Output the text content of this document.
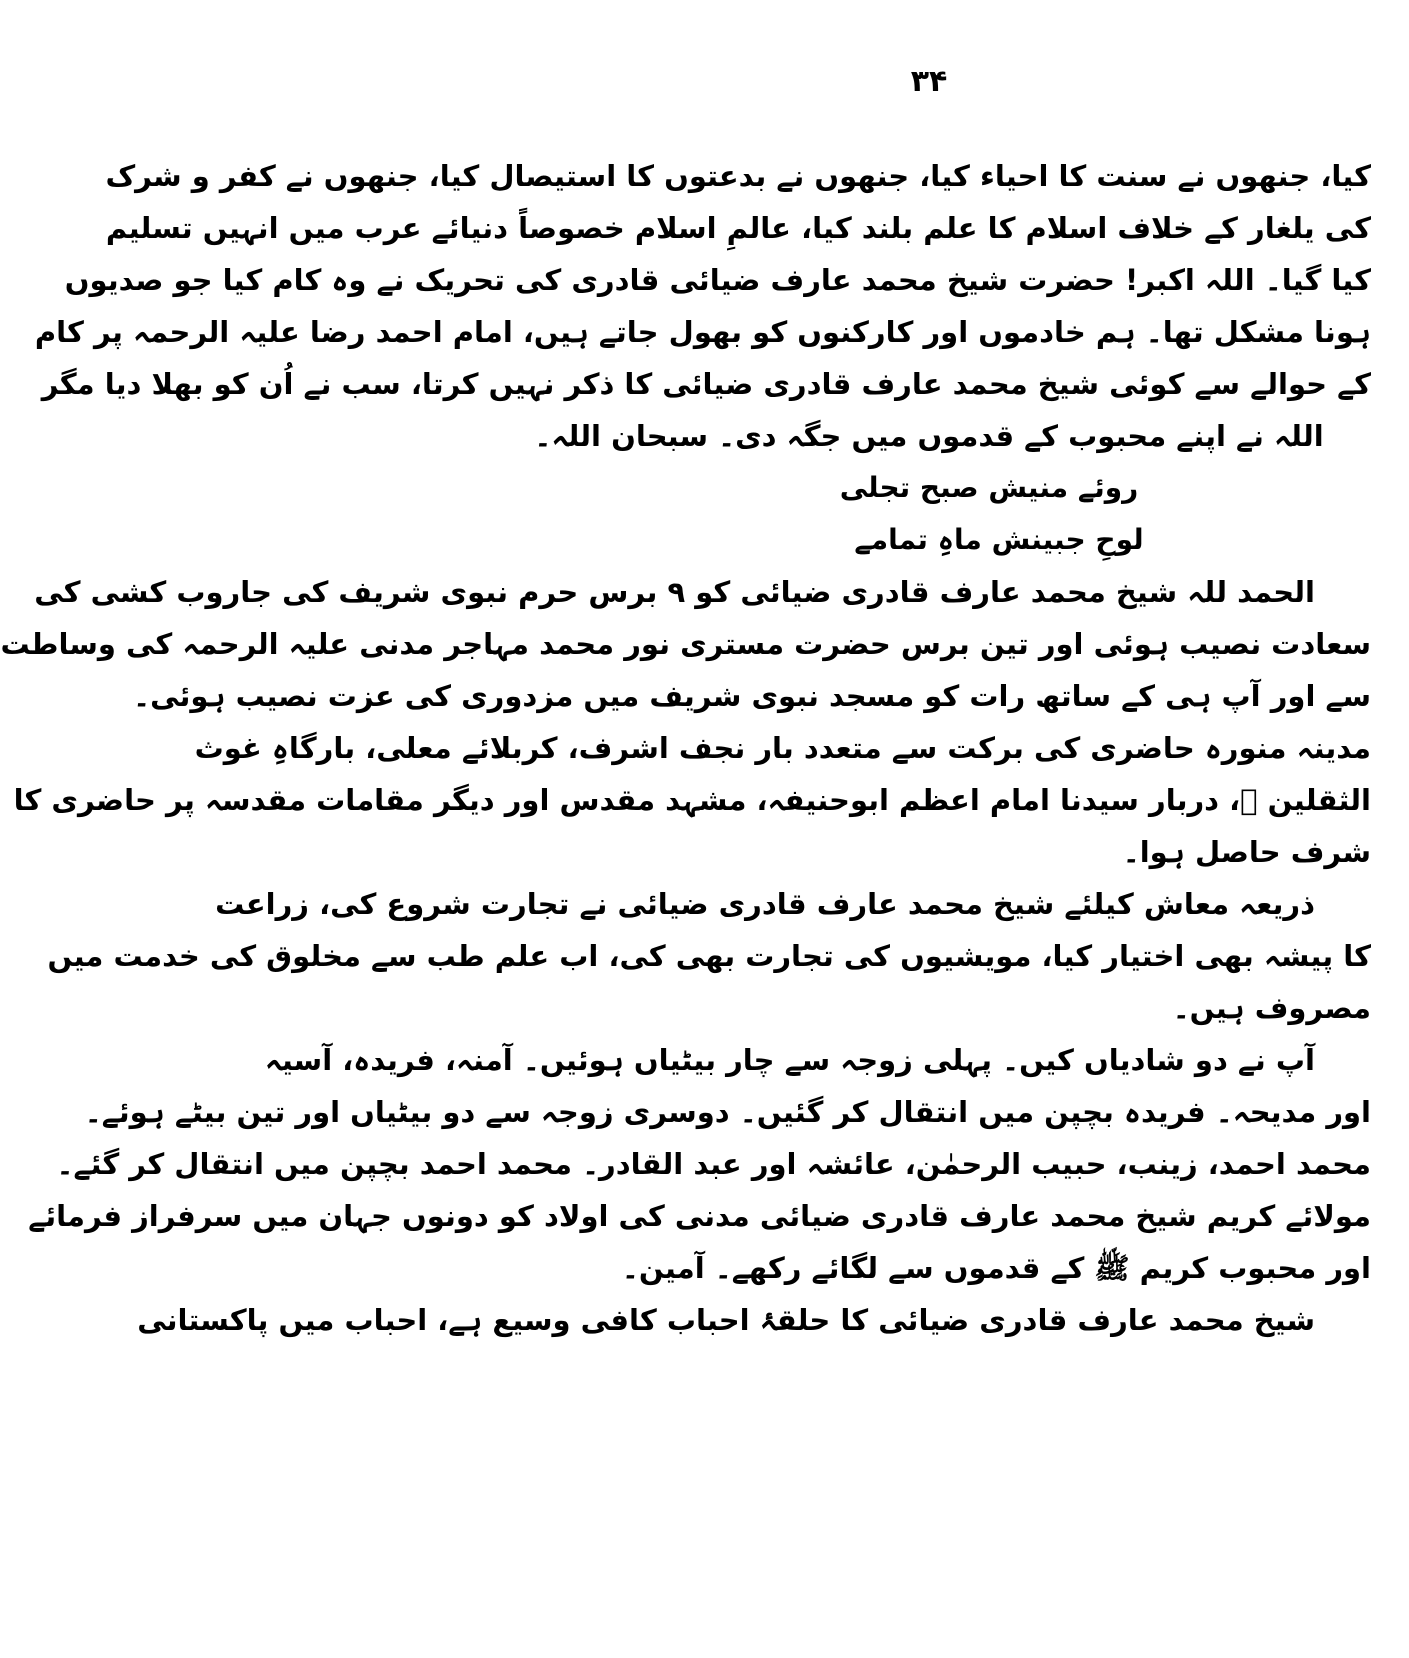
۳۴
کیا، جنھوں نے سنت کا احیاء کیا، جنھوں نے بدعتوں کا استیصال کیا، جنھوں نے کفر و شرک
کی یلغار کے خلاف اسلام کا علم بلند کیا، عالمِ اسلام خصوصاً دنیائے عرب میں انہیں تسلیم
کیا گیا۔ اللہ اکبر! حضرت شیخ محمد عارف ضیائی قادری کی تحریک نے وہ کام کیا جو صدیوں
ہونا مشکل تھا۔ ہم خادموں اور کارکنوں کو بھول جاتے ہیں، امام احمد رضا علیہ الرحمہ پر کام
کے حوالے سے کوئی شیخ محمد عارف قادری ضیائی کا ذکر نہیں کرتا، سب نے اُن کو بھلا دیا مگر
اللہ نے اپنے محبوب کے قدموں میں جگہ دی۔ سبحان اللہ۔
روئے منیش صبح تجلی
لوحِ جبینش ماہِ تمامے
الحمد للہ شیخ محمد عارف قادری ضیائی کو ۹ برس حرم نبوی شریف کی جاروب کشی کی
سعادت نصیب ہوئی اور تین برس حضرت مستری نور محمد مہاجر مدنی علیہ الرحمہ کی وساطت
سے اور آپ ہی کے ساتھ رات کو مسجد نبوی شریف میں مزدوری کی عزت نصیب ہوئی۔
مدینہ منورہ حاضری کی برکت سے متعدد بار نجف اشرف، کربلائے معلی، بارگاہِ غوث
الثقلین ﷜، دربار سیدنا امام اعظم ابوحنیفہ، مشہد مقدس اور دیگر مقامات مقدسہ پر حاضری کا
شرف حاصل ہوا۔
ذریعہ معاش کیلئے شیخ محمد عارف قادری ضیائی نے تجارت شروع کی، زراعت
کا پیشہ بھی اختیار کیا، مویشیوں کی تجارت بھی کی، اب علم طب سے مخلوق کی خدمت میں
مصروف ہیں۔
آپ نے دو شادیاں کیں۔ پہلی زوجہ سے چار بیٹیاں ہوئیں۔ آمنہ، فریدہ، آسیہ
اور مدیحہ۔ فریدہ بچپن میں انتقال کر گئیں۔ دوسری زوجہ سے دو بیٹیاں اور تین بیٹے ہوئے۔
محمد احمد، زینب، حبیب الرحمٰن، عائشہ اور عبد القادر۔ محمد احمد بچپن میں انتقال کر گئے۔
مولائے کریم شیخ محمد عارف قادری ضیائی مدنی کی اولاد کو دونوں جہان میں سرفراز فرمائے
اور محبوب کریم ﷺ کے قدموں سے لگائے رکھے۔ آمین۔
شیخ محمد عارف قادری ضیائی کا حلقۂ احباب کافی وسیع ہے، احباب میں پاکستانی
